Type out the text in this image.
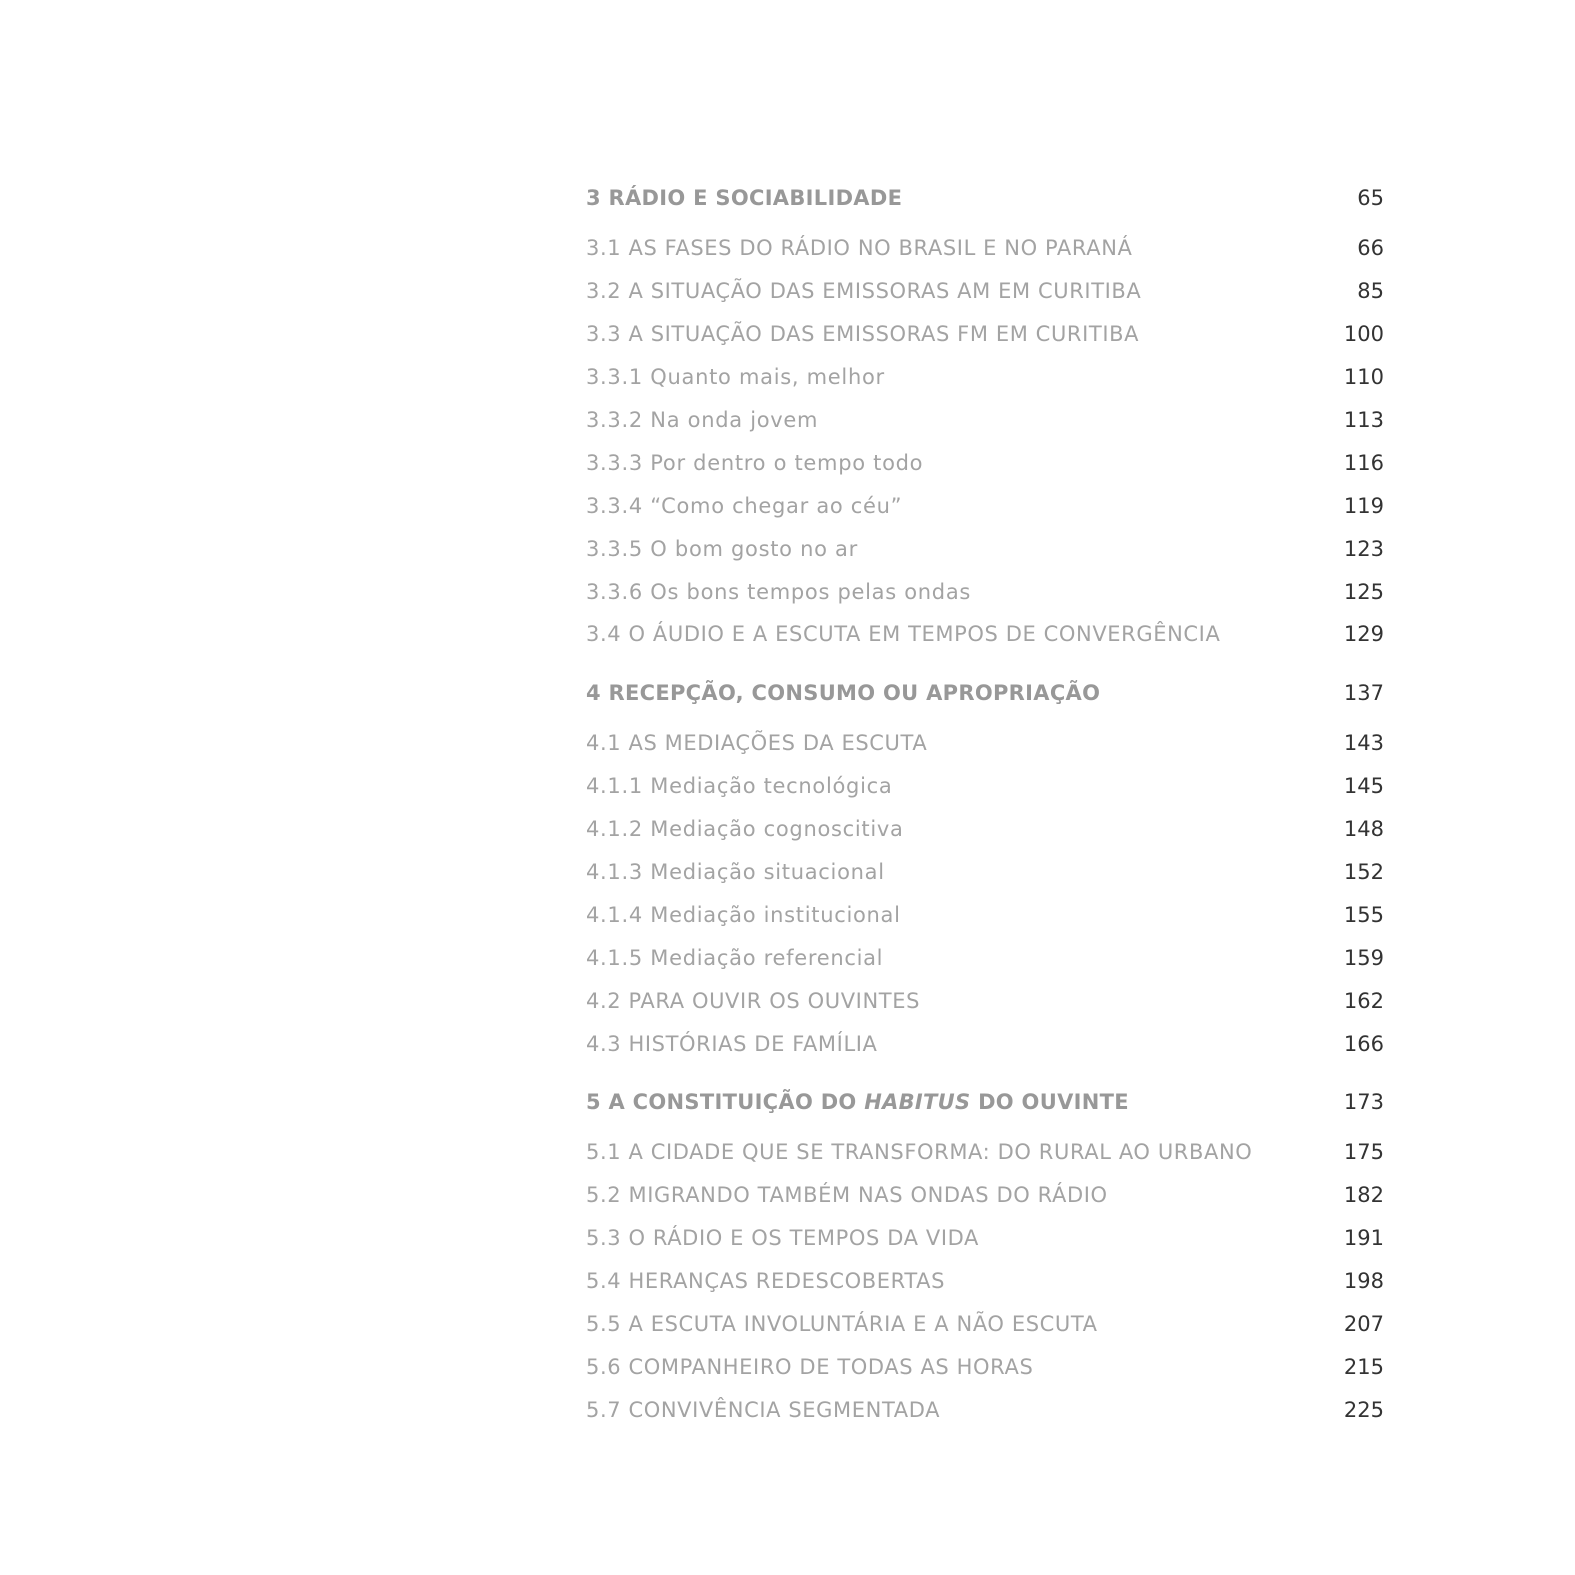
3 RÁDIO E SOCIABILIDADE	65
3.1 AS FASES DO RÁDIO NO BRASIL E NO PARANÁ	66
3.2 A SITUAÇÃO DAS EMISSORAS AM EM CURITIBA	85
3.3 A SITUAÇÃO DAS EMISSORAS FM EM CURITIBA	100
3.3.1 Quanto mais, melhor	110
3.3.2 Na onda jovem	113
3.3.3 Por dentro o tempo todo	116
3.3.4 “Como chegar ao céu”	119
3.3.5 O bom gosto no ar	123
3.3.6 Os bons tempos pelas ondas	125
3.4 O ÁUDIO E A ESCUTA EM TEMPOS DE CONVERGÊNCIA	129
4 RECEPÇÃO, CONSUMO OU APROPRIAÇÃO	137
4.1 AS MEDIAÇÕES DA ESCUTA	143
4.1.1 Mediação tecnológica	145
4.1.2 Mediação cognoscitiva	148
4.1.3 Mediação situacional	152
4.1.4 Mediação institucional	155
4.1.5 Mediação referencial	159
4.2 PARA OUVIR OS OUVINTES	162
4.3 HISTÓRIAS DE FAMÍLIA	166
5 A CONSTITUIÇÃO DO HABITUS DO OUVINTE	173
5.1 A CIDADE QUE SE TRANSFORMA: DO RURAL AO URBANO	175
5.2 MIGRANDO TAMBÉM NAS ONDAS DO RÁDIO	182
5.3 O RÁDIO E OS TEMPOS DA VIDA	191
5.4 HERANÇAS REDESCOBERTAS	198
5.5 A ESCUTA INVOLUNTÁRIA E A NÃO ESCUTA	207
5.6 COMPANHEIRO DE TODAS AS HORAS	215
5.7 CONVIVÊNCIA SEGMENTADA	225
